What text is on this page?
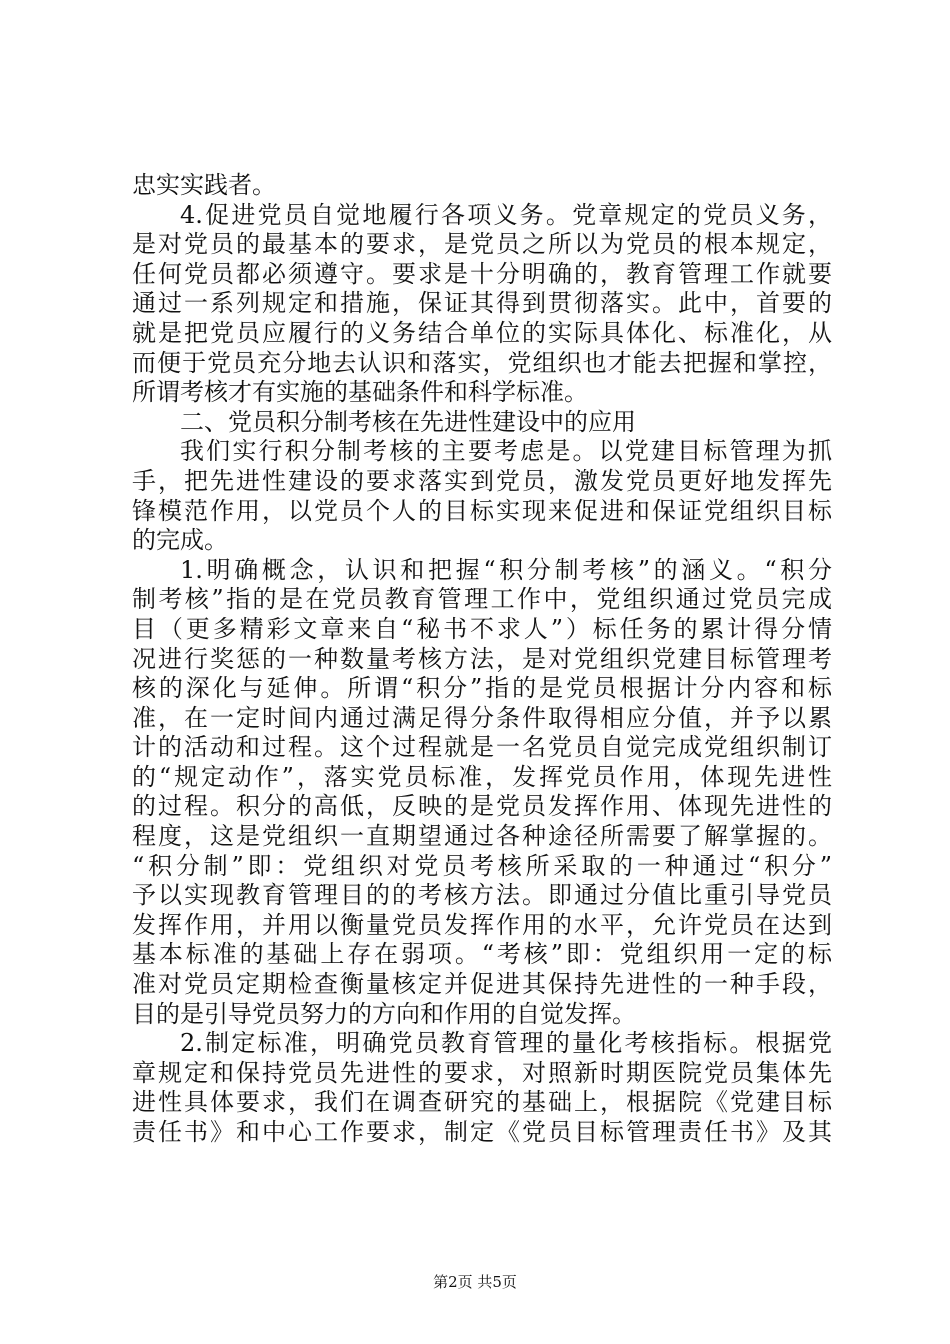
忠实实践者。
4.促进党员自觉地履行各项义务。党章规定的党员义务，
是对党员的最基本的要求，是党员之所以为党员的根本规定，
任何党员都必须遵守。要求是十分明确的，教育管理工作就要
通过一系列规定和措施，保证其得到贯彻落实。此中，首要的
就是把党员应履行的义务结合单位的实际具体化、标准化，从
而便于党员充分地去认识和落实，党组织也才能去把握和掌控，
所谓考核才有实施的基础条件和科学标准。
二、党员积分制考核在先进性建设中的应用
我们实行积分制考核的主要考虑是。以党建目标管理为抓
手，把先进性建设的要求落实到党员，激发党员更好地发挥先
锋模范作用，以党员个人的目标实现来促进和保证党组织目标
的完成。
1.明确概念，认识和把握“积分制考核”的涵义。“积分
制考核”指的是在党员教育管理工作中，党组织通过党员完成
目（更多精彩文章来自“秘书不求人”）标任务的累计得分情
况进行奖惩的一种数量考核方法，是对党组织党建目标管理考
核的深化与延伸。所谓“积分”指的是党员根据计分内容和标
准，在一定时间内通过满足得分条件取得相应分值，并予以累
计的活动和过程。这个过程就是一名党员自觉完成党组织制订
的“规定动作”，落实党员标准，发挥党员作用，体现先进性
的过程。积分的高低，反映的是党员发挥作用、体现先进性的
程度，这是党组织一直期望通过各种途径所需要了解掌握的。
“积分制”即：党组织对党员考核所采取的一种通过“积分”
予以实现教育管理目的的考核方法。即通过分值比重引导党员
发挥作用，并用以衡量党员发挥作用的水平，允许党员在达到
基本标准的基础上存在弱项。“考核”即：党组织用一定的标
准对党员定期检查衡量核定并促进其保持先进性的一种手段，
目的是引导党员努力的方向和作用的自觉发挥。
2.制定标准，明确党员教育管理的量化考核指标。根据党
章规定和保持党员先进性的要求，对照新时期医院党员集体先
进性具体要求，我们在调查研究的基础上，根据院《党建目标
责任书》和中心工作要求，制定《党员目标管理责任书》及其
第2页 共5页
